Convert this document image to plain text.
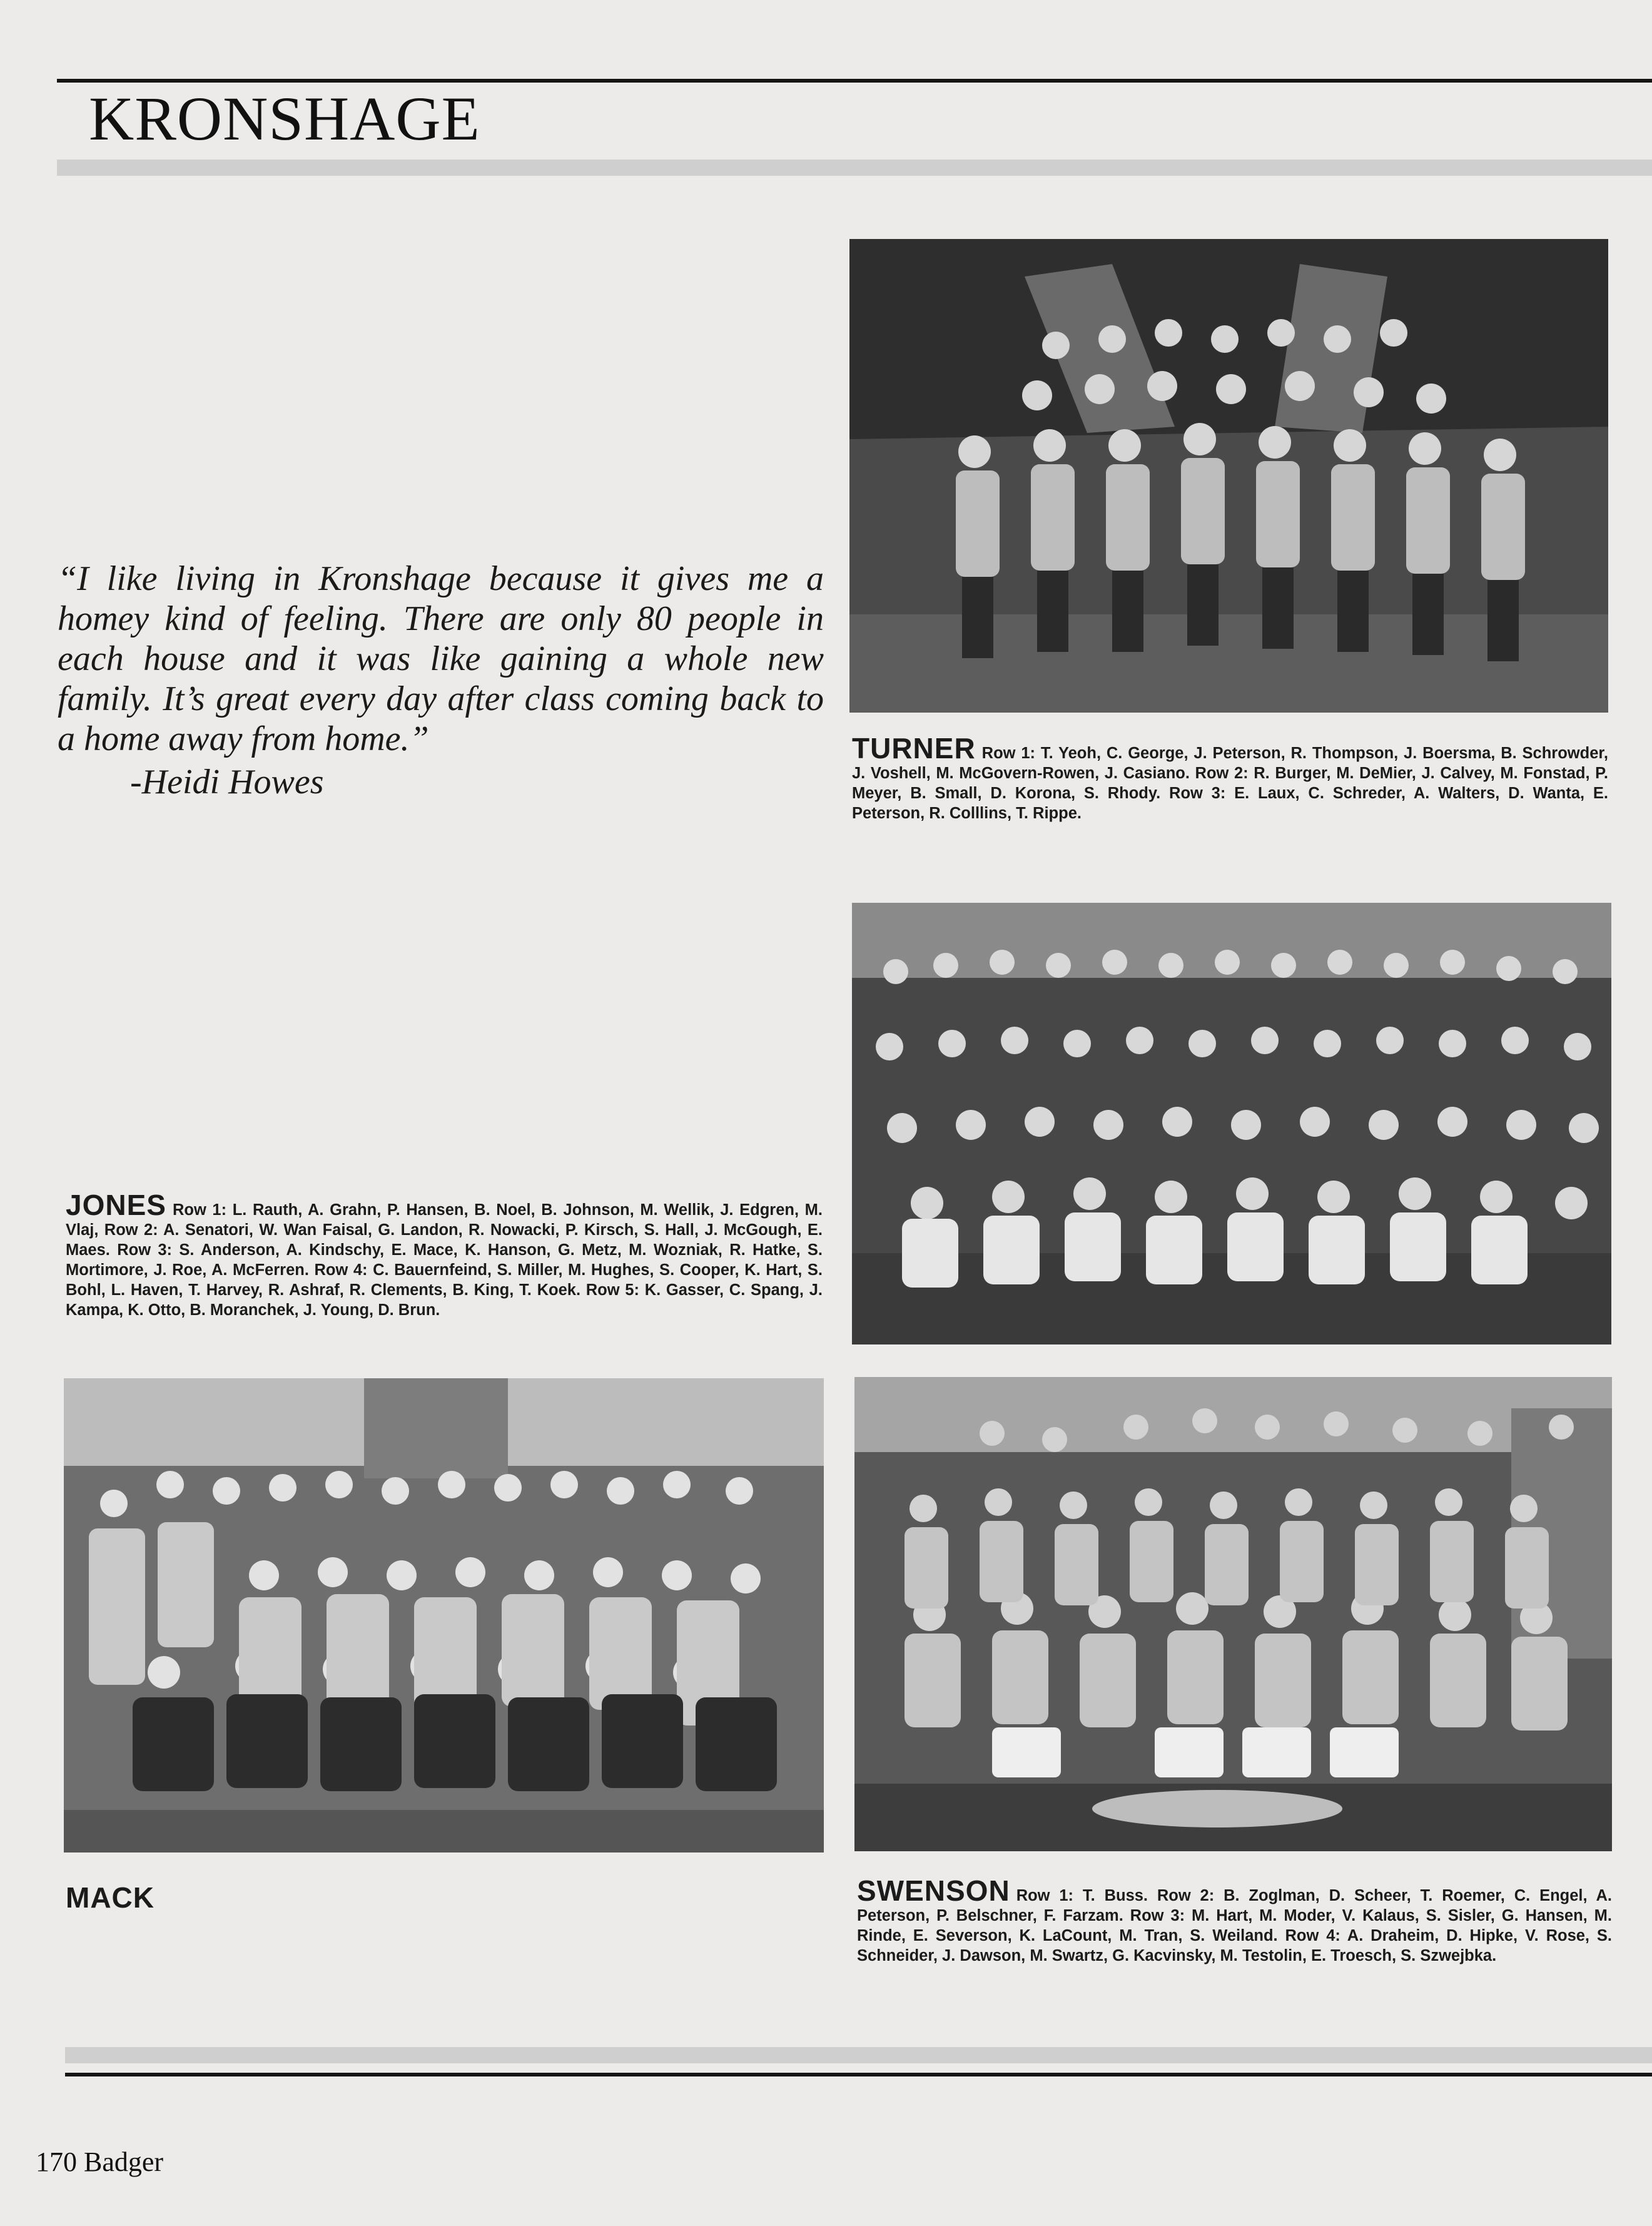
KRONSHAGE

“I like living in Kronshage because it gives me a homey kind of feeling. There are only 80 people in each house and it was like gaining a whole new family. It’s great every day after class coming back to a home away from home.”

-Heidi Howes

TURNER Row 1: T. Yeoh, C. George, J. Peterson, R. Thompson, J. Boersma, B. Schrowder, J. Voshell, M. McGovern-Rowen, J. Casiano. Row 2: R. Burger, M. DeMier, J. Calvey, M. Fonstad, P. Meyer, B. Small, D. Korona, S. Rhody. Row 3: E. Laux, C. Schreder, A. Walters, D. Wanta, E. Peterson, R. Colllins, T. Rippe.
JONES Row 1: L. Rauth, A. Grahn, P. Hansen, B. Noel, B. Johnson, M. Wellik, J. Edgren, M. Vlaj, Row 2: A. Senatori, W. Wan Faisal, G. Landon, R. Nowacki, P. Kirsch, S. Hall, J. McGough, E. Maes. Row 3: S. Anderson, A. Kindschy, E. Mace, K. Hanson, G. Metz, M. Wozniak, R. Hatke, S. Mortimore, J. Roe, A. McFerren. Row 4: C. Bauernfeind, S. Miller, M. Hughes, S. Cooper, K. Hart, S. Bohl, L. Haven, T. Harvey, R. Ashraf, R. Clements, B. King, T. Koek. Row 5: K. Gasser, C. Spang, J. Kampa, K. Otto, B. Moranchek, J. Young, D. Brun.

MACK	SWENSON Row 1: T. Buss. Row 2: B. Zoglman, D. Scheer, T. Roemer, C. Engel, A. Peterson, P. Belschner, F. Farzam. Row 3: M. Hart, M. Moder, V. Kalaus, S. Sisler, G. Hansen, M. Rinde, E. Severson, K. LaCount, M. Tran, S. Weiland. Row 4: A. Draheim, D. Hipke, V. Rose, S. Schneider, J. Dawson, M. Swartz, G. Kacvinsky, M. Testolin, E. Troesch, S. Szwejbka.

170 Badger
